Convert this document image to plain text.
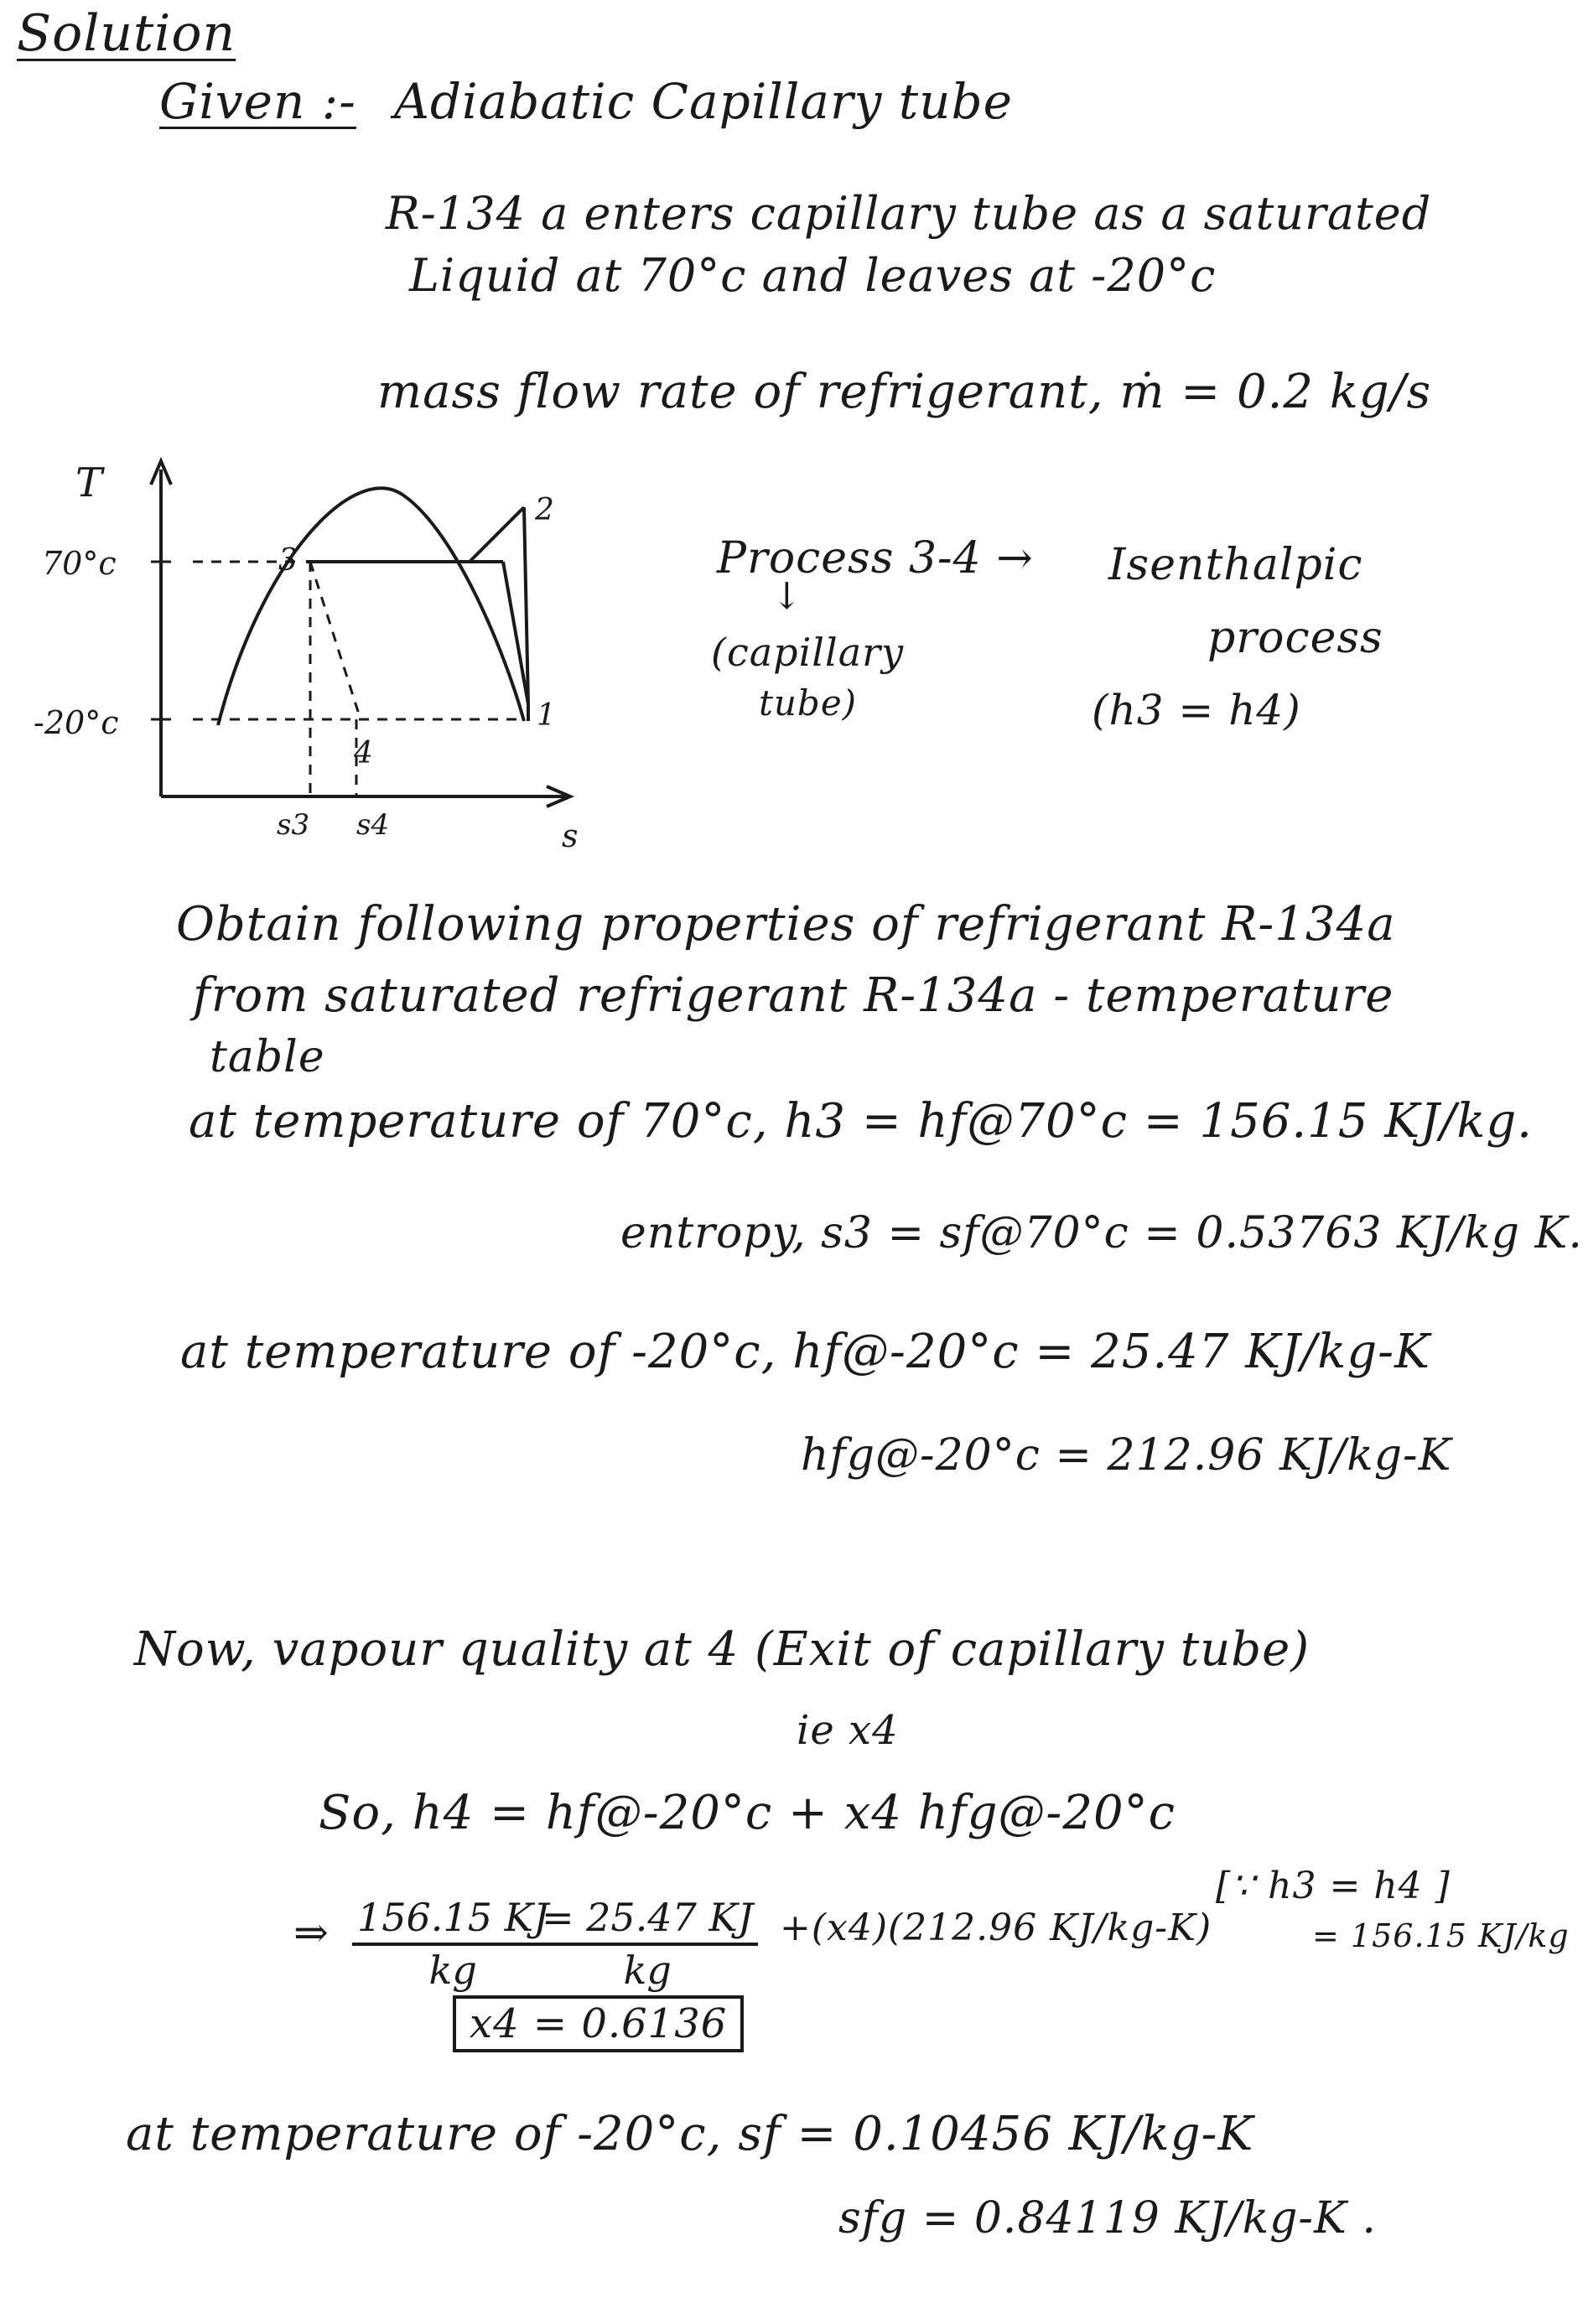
Solution
Given :- Adiabatic Capillary tube
R-134 a enters capillary tube as a saturated
Liquid at 70°c and leaves at -20°c
mass flow rate of refrigerant, ṁ = 0.2 kg/s
T
70°c
-20°c
3
4
2
1
s3 s4	s
Process 3-4 →
↓
(capillary
tube)
Isenthalpic
process
(h3 = h4)
Obtain following properties of refrigerant R-134a
from saturated refrigerant R-134a - temperature
table
at temperature of 70°c, h3 = hf@70°c = 156.15 KJ/kg.
entropy, s3 = sf@70°c = 0.53763 KJ/kg K.
at temperature of -20°c, hf@-20°c = 25.47 KJ/kg-K
hfg@-20°c = 212.96 KJ/kg-K
Now, vapour quality at 4 (Exit of capillary tube)
ie x4
So, h4 = hf@-20°c + x4 hfg@-20°c
⇒ $\frac{156.15 KJ}{kg}$
$\frac{= 25.47 KJ}{kg} +(x4)(212.96$ KJ/kg-K)
[∵ h3 = h4 ]
= 156.15 KJ/kg
x4 = 0.6136
at temperature of -20°c, sf = 0.10456 KJ/kg-K
sfg = 0.84119 KJ/kg-K .
